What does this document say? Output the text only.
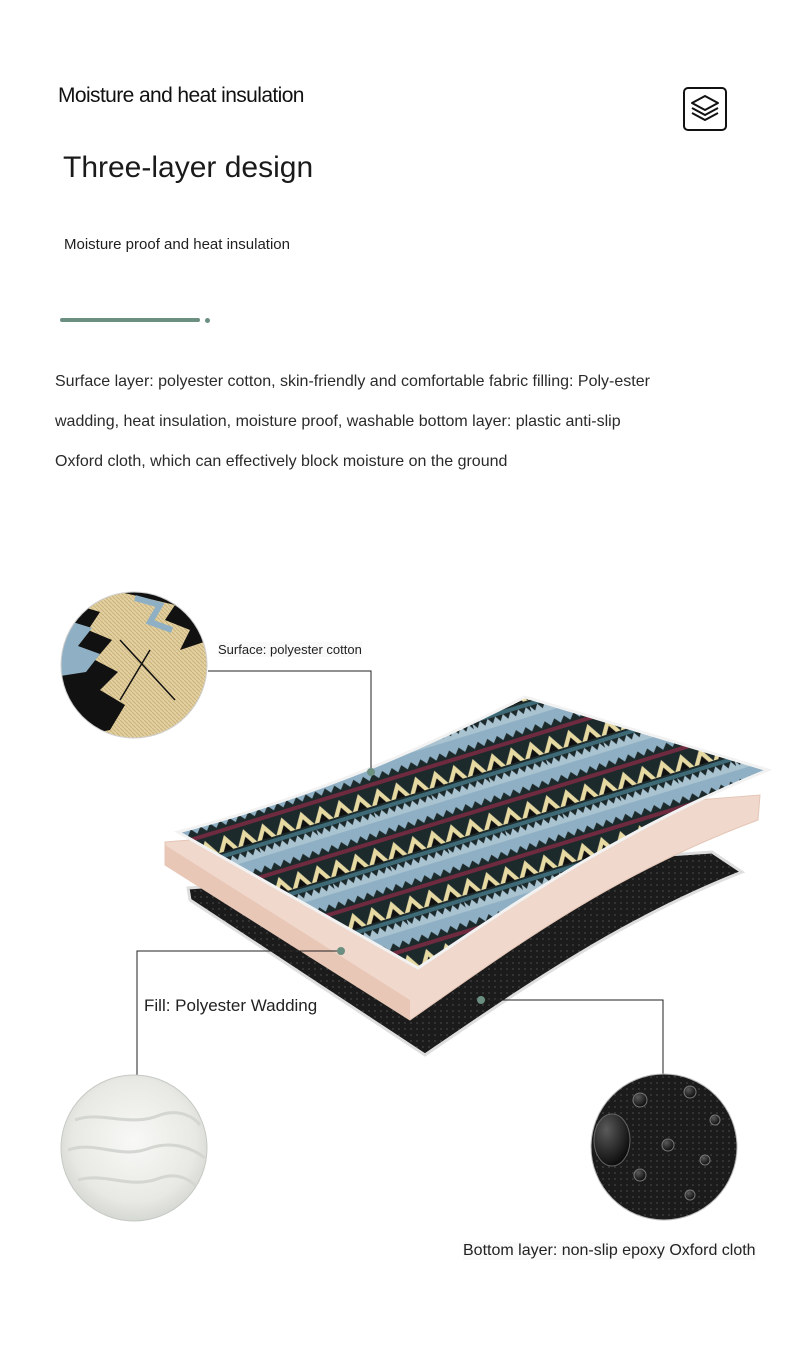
Moisture and heat insulation
Three-layer design
Moisture proof and heat insulation
Surface layer: polyester cotton, skin-friendly and comfortable fabric filling: Poly-ester wadding, heat insulation, moisture proof, washable bottom layer: plastic anti-slip Oxford cloth, which can effectively block moisture on the ground
Surface: polyester cotton
Fill: Polyester Wadding
Bottom layer: non-slip epoxy Oxford cloth
